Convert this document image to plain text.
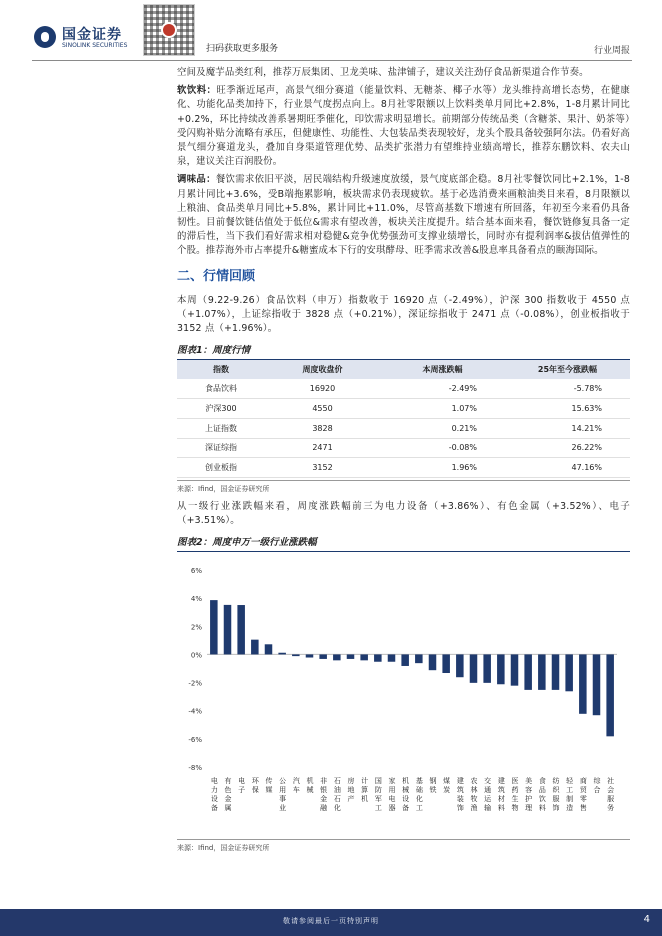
国金证券
SINOLINK SECURITIES	扫码获取更多服务	行业周报

空间及魔芋品类红利，推荐万辰集团、卫龙美味、盐津铺子，建议关注劲仔食品新渠道合作节奏。

软饮料：旺季渐近尾声，高景气细分赛道（能量饮料、无糖茶、椰子水等）龙头维持高增长态势，在健康化、功能化品类加持下，行业景气度拐点向上。8月社零限额以上饮料类单月同比+2.8%，1-8月累计同比+0.2%，环比持续改善系暑期旺季催化，印饮需求明显增长。前期部分传统品类（含糖茶、果汁、奶茶等）受闪购补贴分流略有承压，但健康性、功能性、大包装品类表现较好，龙头个股具备较强阿尔法。仍看好高景气细分赛道龙头，叠加自身渠道管理优势、品类扩张潜力有望维持业绩高增长，推荐东鹏饮料、农夫山泉，建议关注百润股份。

调味品：餐饮需求依旧平淡，居民端结构升级速度放缓，景气度底部企稳。8月社零餐饮同比+2.1%，1-8月累计同比+3.6%，受B端拖累影响，板块需求仍表现疲软。基于必选消费来画粮油类目来看，8月限额以上粮油、食品类单月同比+5.8%，累计同比+11.0%，尽管高基数下增速有所回落，年初至今来看仍具备韧性。目前餐饮链估值处于低位&需求有望改善，板块关注度提升。结合基本面来看，餐饮链修复具备一定的滞后性，当下我们看好需求相对稳健&竞争优势强劲可支撑业绩增长，同时亦有提利润率&拔估值弹性的个股。推荐海外市占率提升&糖蜜成本下行的安琪酵母、旺季需求改善&股息率具备看点的颐海国际。

二、行情回顾

本周（9.22-9.26）食品饮料（申万）指数收于 16920 点（-2.49%），沪深 300 指数收于 4550 点（+1.07%），上证综指收于 3828 点（+0.21%），深证综指收于 2471 点（-0.08%），创业板指收于 3152 点（+1.96%）。

图表1：周度行情
指数	周度收盘价	本周涨跌幅	25年至今涨跌幅
食品饮料	16920	-2.49%	-5.78%
沪深300	4550	1.07%	15.63%
上证指数	3828	0.21%	14.21%
深证综指	2471	-0.08%	26.22%
创业板指	3152	1.96%	47.16%
来源：Ifind，国金证券研究所

从一级行业涨跌幅来看，周度涨跌幅前三为电力设备（+3.86%）、有色金属（+3.52%）、电子（+3.51%）。

图表2：周度申万一级行业涨跌幅
6%
4%
2%
0%
-2%
-4%
-6%
-8%
电力设备
有色金属
电子
环保
传媒
公用事业
汽车
机械
非银金融
石油石化
房地产
计算机
国防军工
家用电器
机械设备
基础化工
钢铁
煤炭
建筑装饰
农林牧渔
交通运输
建筑材料
医药生物
美容护理
食品饮料
纺织服饰
轻工制造
商贸零售
综合
社会服务
来源：Ifind，国金证券研究所
敬请参阅最后一页特别声明	4
